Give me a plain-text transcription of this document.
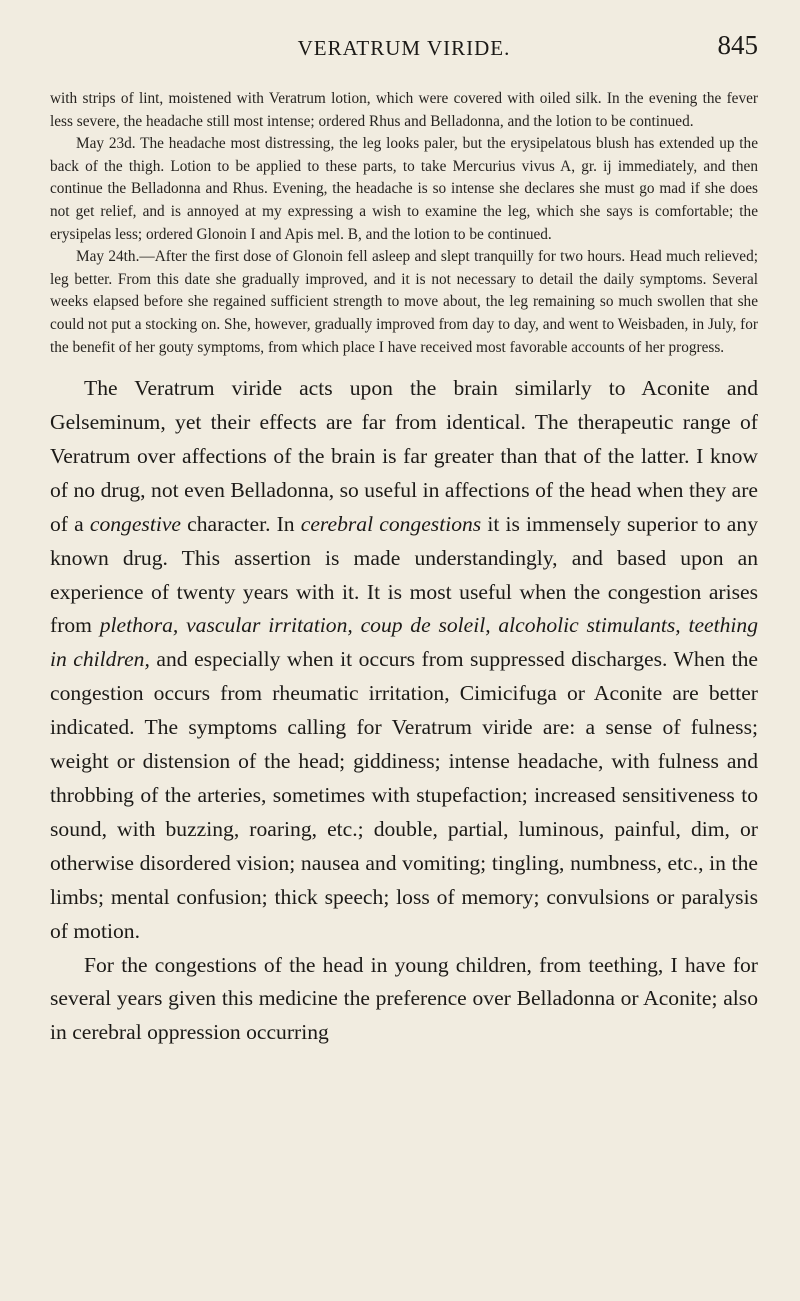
VERATRUM VIRIDE.	845

with strips of lint, moistened with Veratrum lotion, which were covered with oiled silk. In the evening the fever less severe, the headache still most intense; ordered Rhus and Belladonna, and the lotion to be continued.

May 23d. The headache most distressing, the leg looks paler, but the erysipelatous blush has extended up the back of the thigh. Lotion to be applied to these parts, to take Mercurius vivus A, gr. ij immediately, and then continue the Belladonna and Rhus. Evening, the headache is so intense she declares she must go mad if she does not get relief, and is annoyed at my expressing a wish to examine the leg, which she says is comfortable; the erysipelas less; ordered Glonoin I and Apis mel. B, and the lotion to be continued.

May 24th.—After the first dose of Glonoin fell asleep and slept tranquilly for two hours. Head much relieved; leg better. From this date she gradually improved, and it is not necessary to detail the daily symptoms. Several weeks elapsed before she regained sufficient strength to move about, the leg remaining so much swollen that she could not put a stocking on. She, however, gradually improved from day to day, and went to Weisbaden, in July, for the benefit of her gouty symptoms, from which place I have received most favorable accounts of her progress.

The Veratrum viride acts upon the brain similarly to Aconite and Gelseminum, yet their effects are far from identical. The therapeutic range of Veratrum over affections of the brain is far greater than that of the latter. I know of no drug, not even Belladonna, so useful in affections of the head when they are of a congestive character. In cerebral congestions it is immensely superior to any known drug. This assertion is made understandingly, and based upon an experience of twenty years with it. It is most useful when the congestion arises from plethora, vascular irritation, coup de soleil, alcoholic stimulants, teething in children, and especially when it occurs from suppressed discharges. When the congestion occurs from rheumatic irritation, Cimicifuga or Aconite are better indicated. The symptoms calling for Veratrum viride are: a sense of fulness; weight or distension of the head; giddiness; intense headache, with fulness and throbbing of the arteries, sometimes with stupefaction; increased sensitiveness to sound, with buzzing, roaring, etc.; double, partial, luminous, painful, dim, or otherwise disordered vision; nausea and vomiting; tingling, numbness, etc., in the limbs; mental confusion; thick speech; loss of memory; convulsions or paralysis of motion.

For the congestions of the head in young children, from teething, I have for several years given this medicine the preference over Belladonna or Aconite; also in cerebral oppression occurring
